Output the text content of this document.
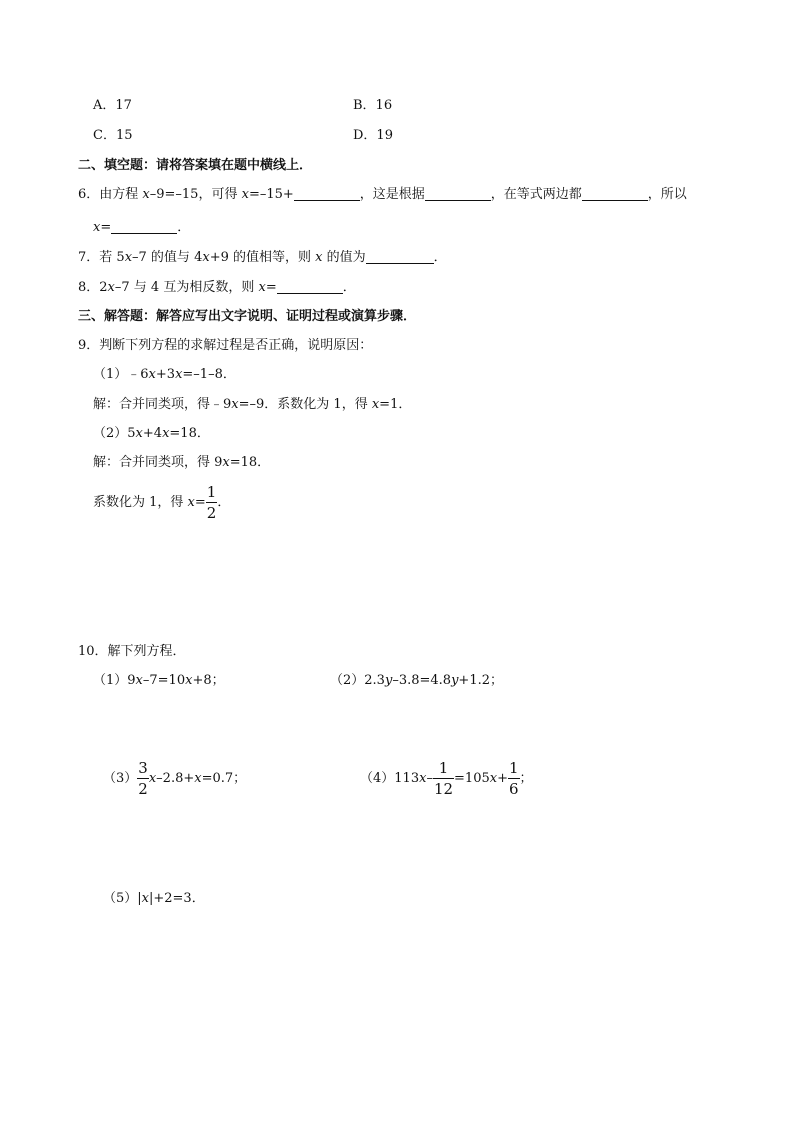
A．17	B．16
C．15	D．19
二、填空题：请将答案填在题中横线上．
6．由方程 x–9=–15，可得 x=–15+	，这是根据	，在等式两边都	，所以
x=	．
7．若 5x–7 的值与 4x+9 的值相等，则 x 的值为	．
8．2x–7 与 4 互为相反数，则 x=	．
三、解答题：解答应写出文字说明、证明过程或演算步骤．
9．判断下列方程的求解过程是否正确，说明原因：
（1）﹣6x+3x=–1–8．
解：合并同类项，得﹣9x=–9．系数化为 1，得 x=1．
（2）5x+4x=18．
解：合并同类项，得 9x=18．
系数化为 1，得 $x= \frac{1}{2}$ ．
10．解下列方程．
（1）9x–7=10x+8；	（2）2.3y–3.8=4.8y+1.2；
$(3) \frac{3}{2} x-2.8+x=0.7$；	$(4)113x- \frac{1}{12} =105x+ \frac{1}{6}$ ；
（5）|x|+2=3．
